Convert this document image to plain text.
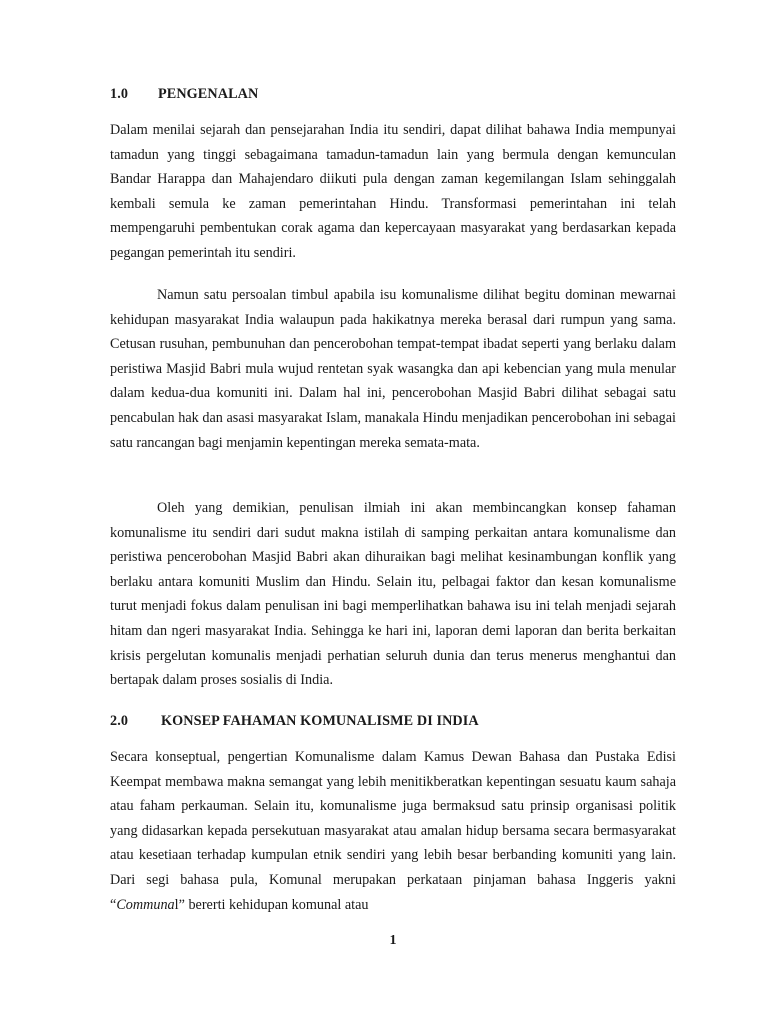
1.0 PENGENALAN

Dalam menilai sejarah dan pensejarahan India itu sendiri, dapat dilihat bahawa India mempunyai tamadun yang tinggi sebagaimana tamadun-tamadun lain yang bermula dengan kemunculan Bandar Harappa dan Mahajendaro diikuti pula dengan zaman kegemilangan Islam sehinggalah kembali semula ke zaman pemerintahan Hindu. Transformasi pemerintahan ini telah mempengaruhi pembentukan corak agama dan kepercayaan masyarakat yang berdasarkan kepada pegangan pemerintah itu sendiri.

Namun satu persoalan timbul apabila isu komunalisme dilihat begitu dominan mewarnai kehidupan masyarakat India walaupun pada hakikatnya mereka berasal dari rumpun yang sama. Cetusan rusuhan, pembunuhan dan pencerobohan tempat-tempat ibadat seperti yang berlaku dalam peristiwa Masjid Babri mula wujud rentetan syak wasangka dan api kebencian yang mula menular dalam kedua-dua komuniti ini. Dalam hal ini, pencerobohan Masjid Babri dilihat sebagai satu pencabulan hak dan asasi masyarakat Islam, manakala Hindu menjadikan pencerobohan ini sebagai satu rancangan bagi menjamin kepentingan mereka semata-mata.

Oleh yang demikian, penulisan ilmiah ini akan membincangkan konsep fahaman komunalisme itu sendiri dari sudut makna istilah di samping perkaitan antara komunalisme dan peristiwa pencerobohan Masjid Babri akan dihuraikan bagi melihat kesinambungan konflik yang berlaku antara komuniti Muslim dan Hindu. Selain itu, pelbagai faktor dan kesan komunalisme turut menjadi fokus dalam penulisan ini bagi memperlihatkan bahawa isu ini telah menjadi sejarah hitam dan ngeri masyarakat India. Sehingga ke hari ini, laporan demi laporan dan berita berkaitan krisis pergelutan komunalis menjadi perhatian seluruh dunia dan terus menerus menghantui dan bertapak dalam proses sosialis di India.

2.0 KONSEP FAHAMAN KOMUNALISME DI INDIA

Secara konseptual, pengertian Komunalisme dalam Kamus Dewan Bahasa dan Pustaka Edisi Keempat membawa makna semangat yang lebih menitikberatkan kepentingan sesuatu kaum sahaja atau faham perkauman. Selain itu, komunalisme juga bermaksud satu prinsip organisasi politik yang didasarkan kepada persekutuan masyarakat atau amalan hidup bersama secara bermasyarakat atau kesetiaan terhadap kumpulan etnik sendiri yang lebih besar berbanding komuniti yang lain. Dari segi bahasa pula, Komunal merupakan perkataan pinjaman bahasa Inggeris yakni “Communal” bererti kehidupan komunal atau

1
